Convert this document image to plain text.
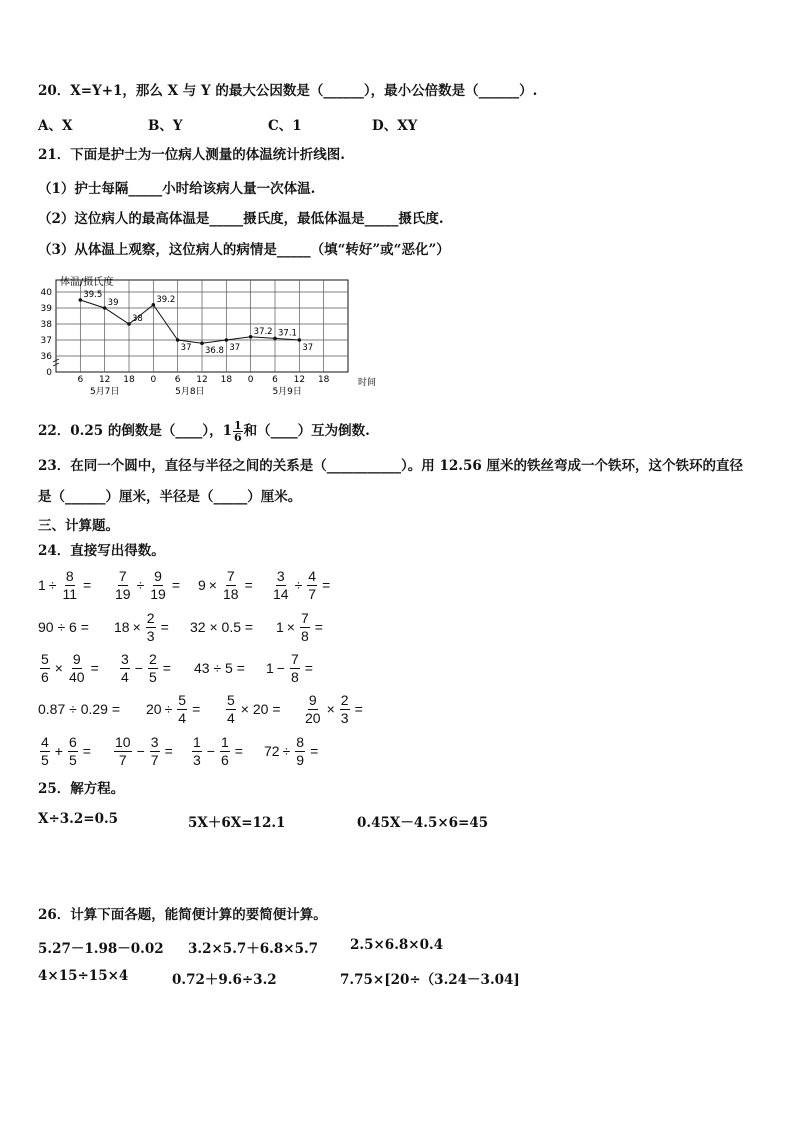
20．X=Y+1，那么 X 与 Y 的最大公因数是（______），最小公倍数是（______）.
A、X	B、Y	C、1	D、XY
21．下面是护士为一位病人测量的体温统计折线图.
（1）护士每隔_____小时给该病人量一次体温.
（2）这位病人的最高体温是_____摄氏度，最低体温是_____摄氏度.
（3）从体温上观察，这位病人的病情是_____（填“转好”或“恶化”）
0
36
37
38
39
40
6 12 18 0 6 12 18 0 6 12 18
5月7日	5月8日	5月9日
39.5
39
38
39.2
37 36.8 37
37.2 37.1
37
体温/摄氏度
时间
22．0.25 的倒数是（____），$1 \frac{1}{6}$ 和（____）互为倒数.
23．在同一个圆中，直径与半径之间的关系是（___________）。用 12.56 厘米的铁丝弯成一个铁环，这个铁环的直径
是（______）厘米，半径是（_____）厘米。
三、计算题。
24．直接写出得数。
$1 \div \frac{8}{11} = \frac{7}{19} \div \frac{9}{19} = 9 \times \frac{7}{18} = \frac{3}{14} \div \frac{4}{7}$ =
$90 \div 6 = 18 \times \frac{2}{3} = 32 \times 0.5 = 1 \times \frac{7}{8}$ =
$\frac{5}{6} \times \frac{9}{40} = \frac{3}{4} - \frac{2}{5} = 43 \div 5 = 1 - \frac{7}{8}$ =
$0.87 \div 0.29 = 20 \div \frac{5}{4} = \frac{5}{4} \times 20 = \frac{9}{20} \times \frac{2}{3}$ =
$\frac{4}{5} + \frac{6}{5} = \frac{10}{7} - \frac{3}{7} = \frac{1}{3} - \frac{1}{6} = 72 \div \frac{8}{9}$ =
25．解方程。
X÷3.2=0.5	5X＋6X=12.1	0.45X－4.5×6=45
26．计算下面各题，能简便计算的要简便计算。
5.27－1.98－0.02 3.2×5.7＋6.8×5.7 2.5×6.8×0.4
4×15÷15×4	0.72＋9.6÷3.2	7.75×[20÷（3.24－3.04]
